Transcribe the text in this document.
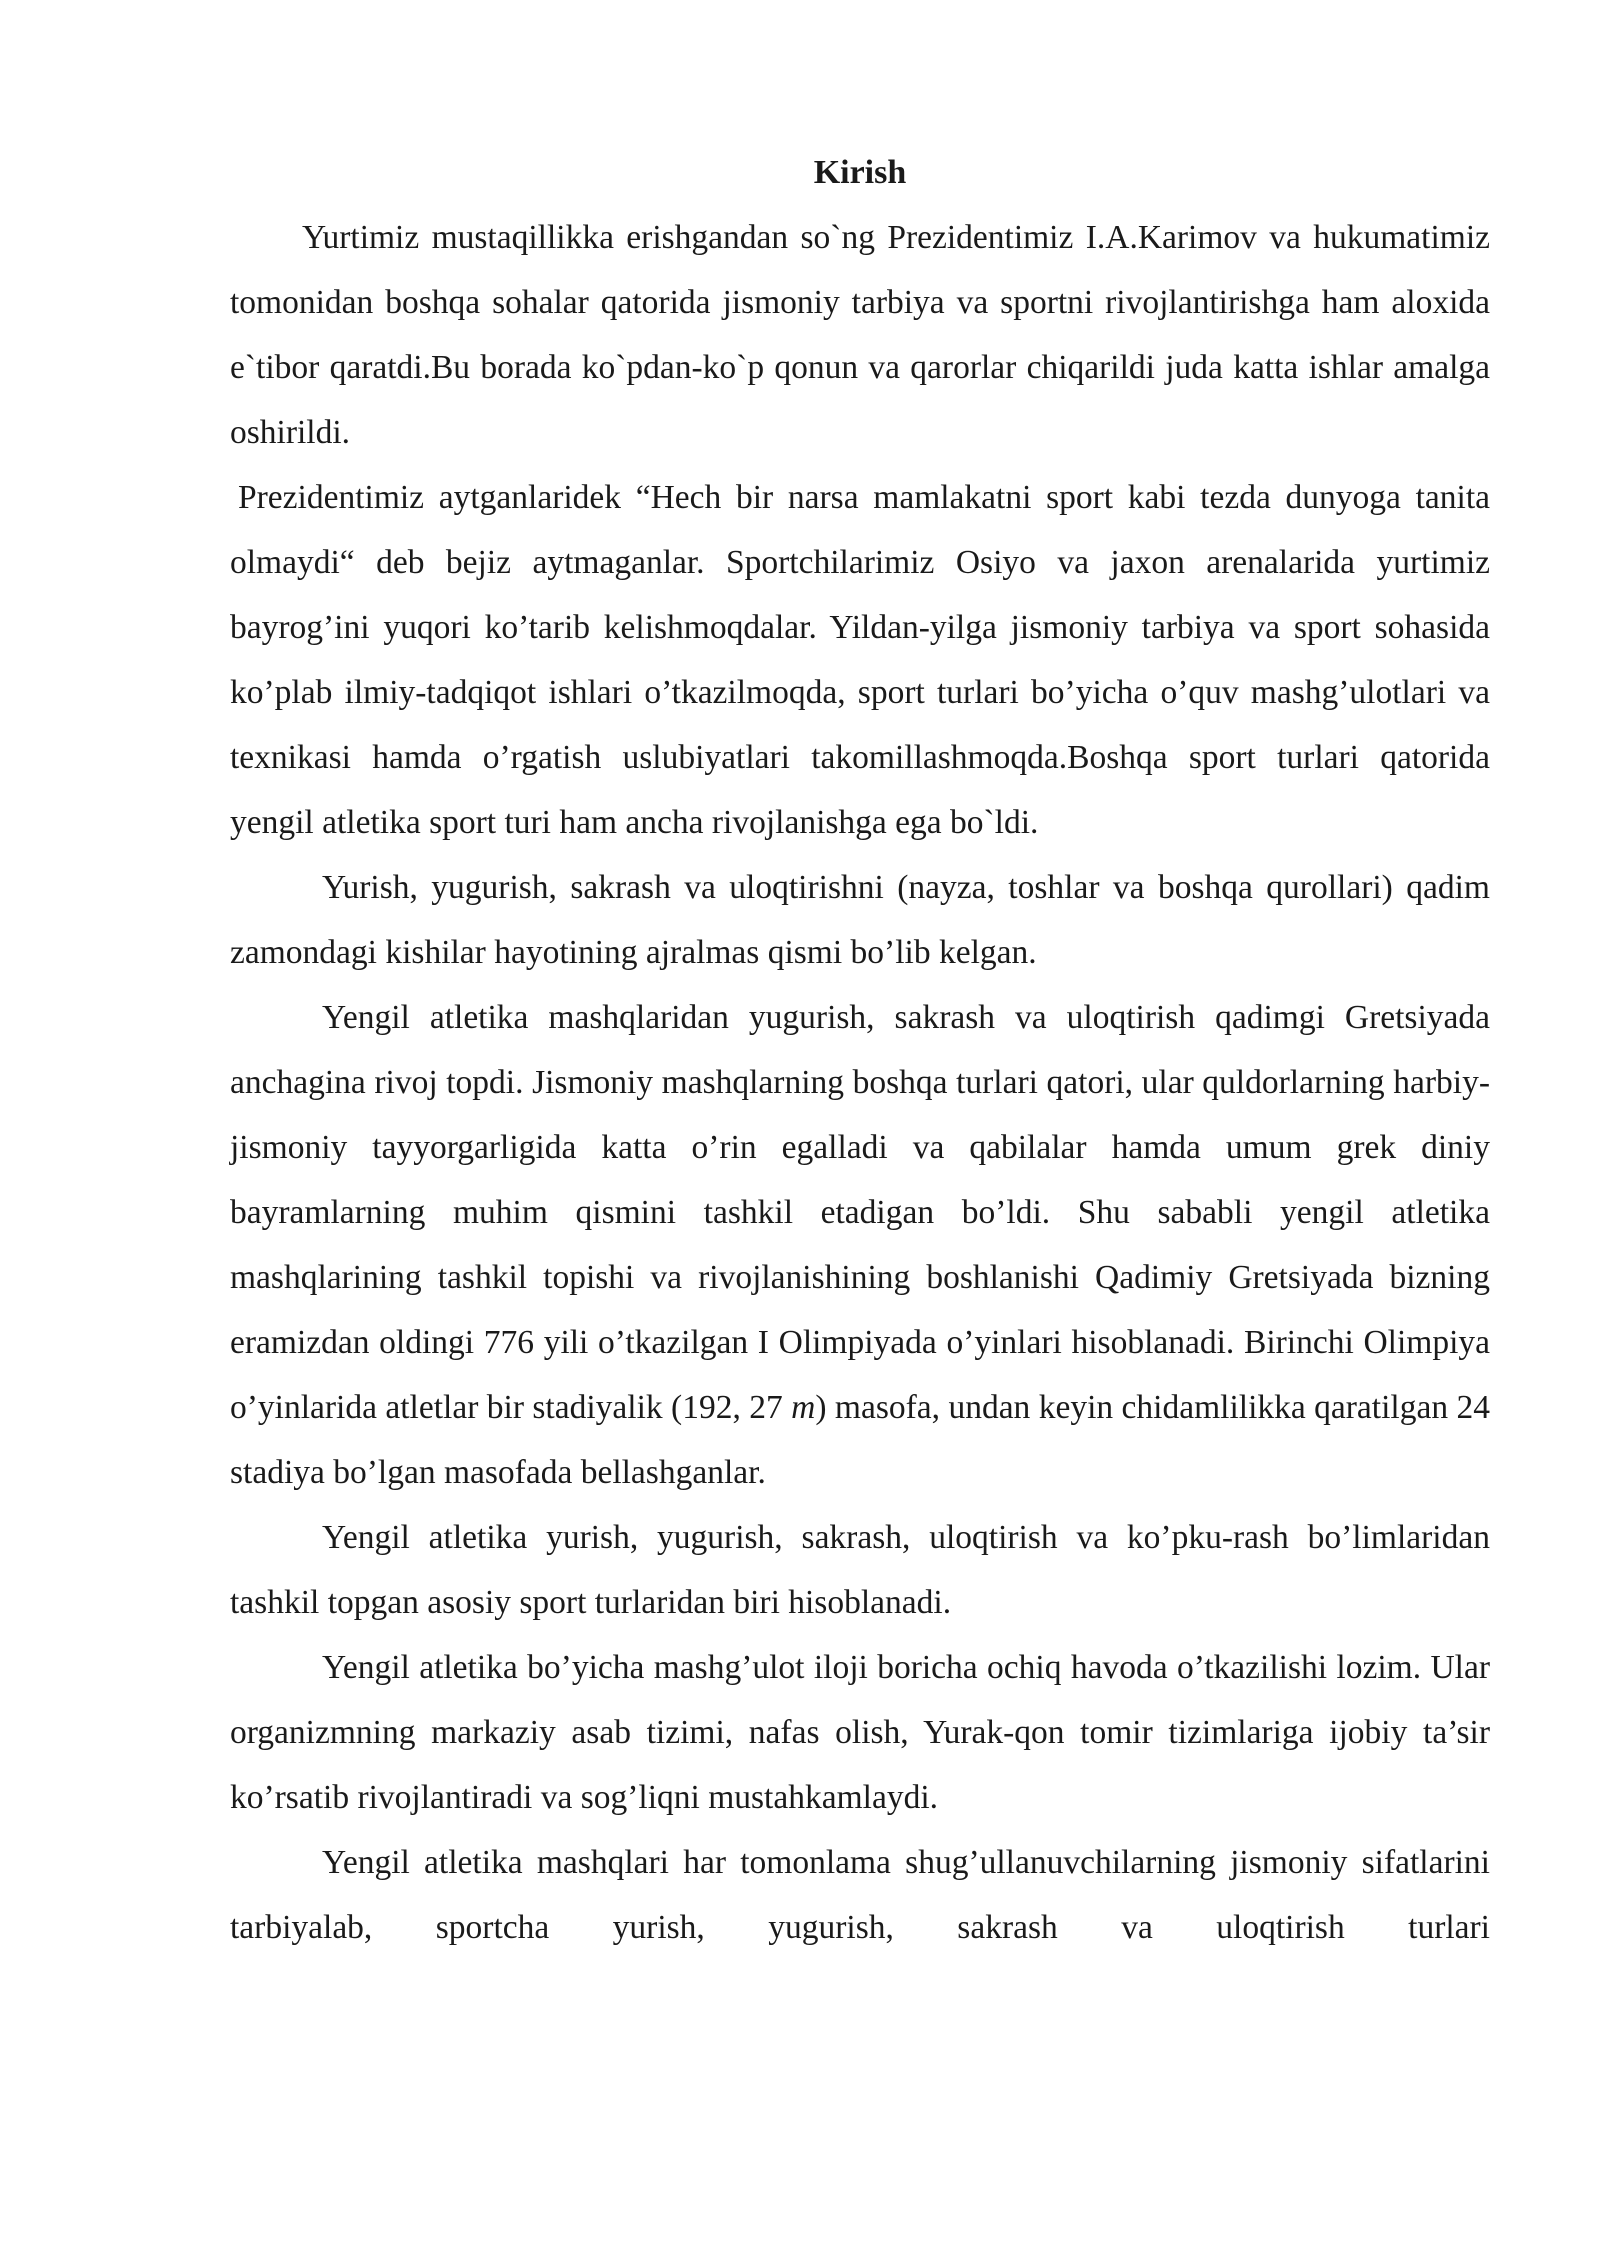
Kirish

Yurtimiz mustaqillikka erishgandan so`ng Prezidentimiz I.A.Karimov va hukumatimiz tomonidan boshqa sohalar qatorida jismoniy tarbiya va sportni rivojlantirishga ham aloxida e`tibor qaratdi.Bu borada ko`pdan-ko`p qonun va qarorlar chiqarildi juda katta ishlar amalga oshirildi.

Prezidentimiz aytganlaridek “Hech bir narsa mamlakatni sport kabi tezda dunyoga tanita olmaydi“ deb bejiz aytmaganlar. Sportchilarimiz Osiyo va jaxon arenalarida yurtimiz bayrog’ini yuqori ko’tarib kelishmoqdalar. Yildan-yilga jismoniy tarbiya va sport sohasida ko’plab ilmiy-tadqiqot ishlari o’tkazilmoqda, sport turlari bo’yicha o’quv mashg’ulotlari va texnikasi hamda o’rgatish uslubiyatlari takomillashmoqda.Boshqa sport turlari qatorida yengil atletika sport turi ham ancha rivojlanishga ega bo`ldi.

Yurish, yugurish, sakrash va uloqtirishni (nayza, toshlar va boshqa qurollari) qadim zamondagi kishilar hayotining ajralmas qismi bo’lib kelgan.

Yengil atletika mashqlaridan yugurish, sakrash va uloqtirish qadimgi Gretsiyada anchagina rivoj topdi. Jismoniy mashqlarning boshqa turlari qatori, ular quldorlarning harbiy-jismoniy tayyorgarligida katta o’rin egalladi va qabilalar hamda umum grek diniy bayramlarning muhim qismini tashkil etadigan bo’ldi. Shu sababli yengil atletika mashqlarining tashkil topishi va rivojlanishining boshlanishi Qadimiy Gretsiyada bizning eramizdan oldingi 776 yili o’tkazilgan I Olimpiyada o’yinlari hisoblanadi. Birinchi Olimpiya o’yinlarida atletlar bir stadiyalik (192, 27 m) masofa, undan keyin chidamlilikka qaratilgan 24 stadiya bo’lgan masofada bellashganlar.

Yengil atletika yurish, yugurish, sakrash, uloqtirish va ko’pku-rash bo’limlaridan tashkil topgan asosiy sport turlaridan biri hisoblanadi.

Yengil atletika bo’yicha mashg’ulot iloji boricha ochiq havoda o’tkazilishi lozim. Ular organizmning markaziy asab tizimi, nafas olish, Yurak-qon tomir tizimlariga ijobiy ta’sir ko’rsatib rivojlantiradi va sog’liqni mustahkamlaydi.

Yengil atletika mashqlari har tomonlama shug’ullanuvchilarning jismoniy sifatlarini tarbiyalab, sportcha yurish, yugurish, sakrash va uloqtirish turlari
